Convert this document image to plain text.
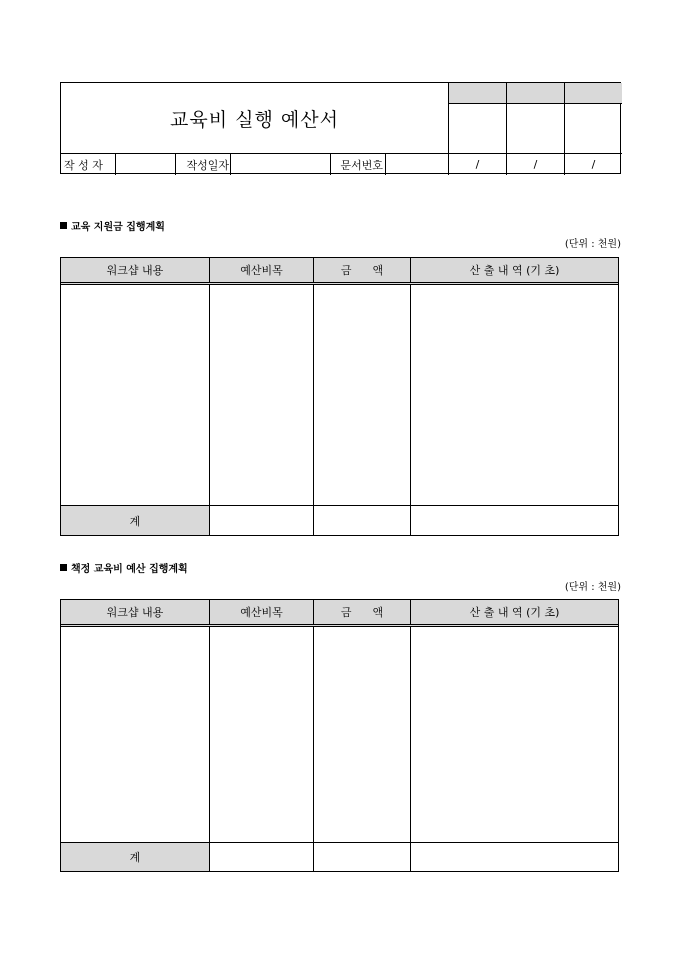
교육비 실행 예산서
작 성 자	작성일자	문서번호	/	/	/
교육 지원금 집행계획
(단위 : 천원)
워크샵 내용	예산비목	금      액	산 출 내 역 (기 초)
계
책정 교육비 예산 집행계획
(단위 : 천원)
워크샵 내용	예산비목	금      액	산 출 내 역 (기 초)
계
